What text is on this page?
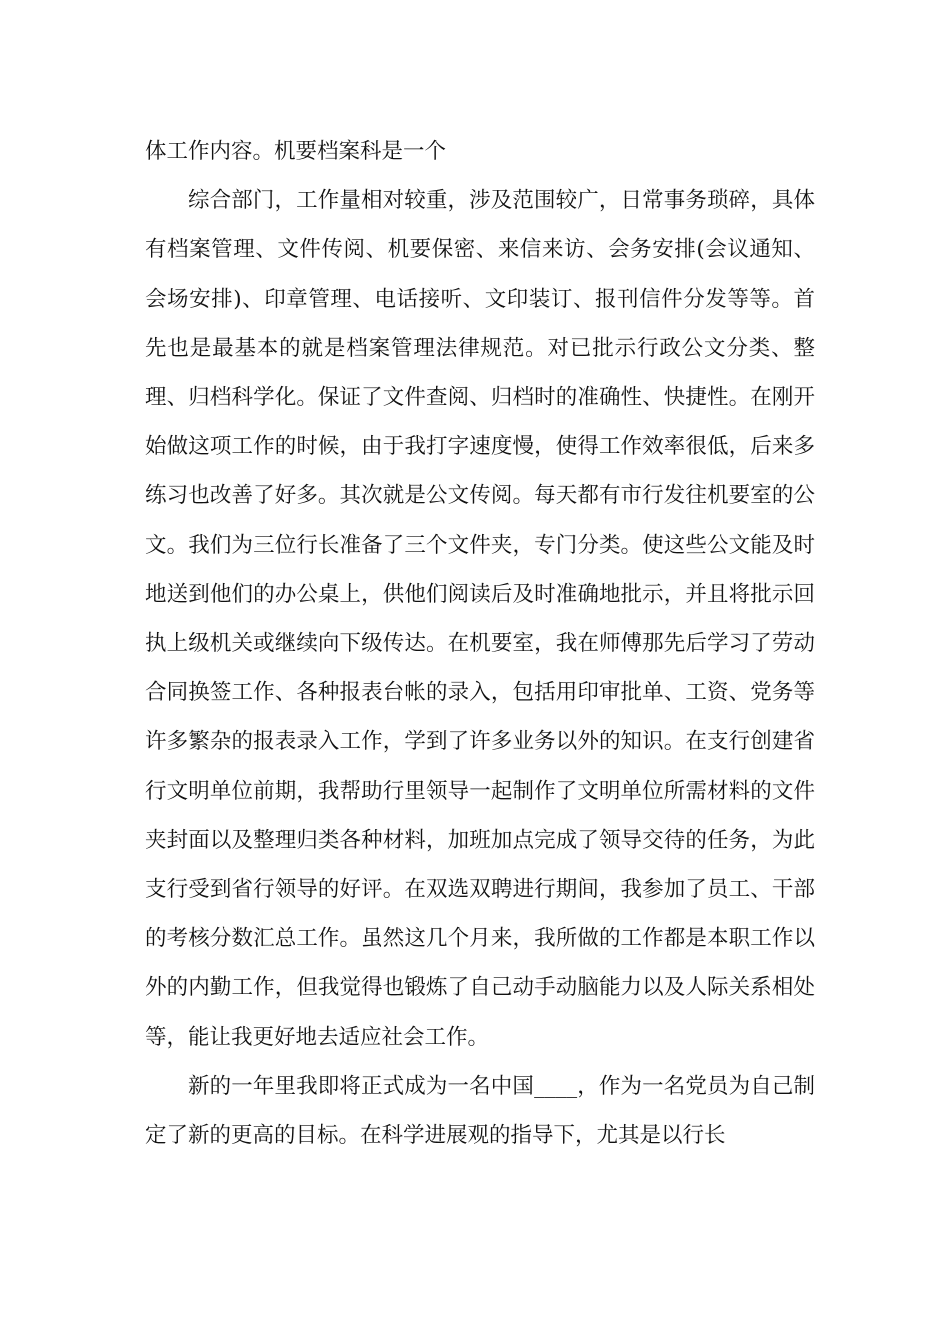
体工作内容。机要档案科是一个

综合部门，工作量相对较重，涉及范围较广，日常事务琐碎，具体有档案管理、文件传阅、机要保密、来信来访、会务安排(会议通知、会场安排)、印章管理、电话接听、文印装订、报刊信件分发等等。首先也是最基本的就是档案管理法律规范。对已批示行政公文分类、整理、归档科学化。保证了文件查阅、归档时的准确性、快捷性。在刚开始做这项工作的时候，由于我打字速度慢，使得工作效率很低，后来多练习也改善了好多。其次就是公文传阅。每天都有市行发往机要室的公文。我们为三位行长准备了三个文件夹，专门分类。使这些公文能及时地送到他们的办公桌上，供他们阅读后及时准确地批示，并且将批示回执上级机关或继续向下级传达。在机要室，我在师傅那先后学习了劳动合同换签工作、各种报表台帐的录入，包括用印审批单、工资、党务等许多繁杂的报表录入工作，学到了许多业务以外的知识。在支行创建省行文明单位前期，我帮助行里领导一起制作了文明单位所需材料的文件夹封面以及整理归类各种材料，加班加点完成了领导交待的任务，为此支行受到省行领导的好评。在双选双聘进行期间，我参加了员工、干部的考核分数汇总工作。虽然这几个月来，我所做的工作都是本职工作以外的内勤工作，但我觉得也锻炼了自己动手动脑能力以及人际关系相处等，能让我更好地去适应社会工作。

新的一年里我即将正式成为一名中国____，作为一名党员为自己制定了新的更高的目标。在科学进展观的指导下，尤其是以行长
